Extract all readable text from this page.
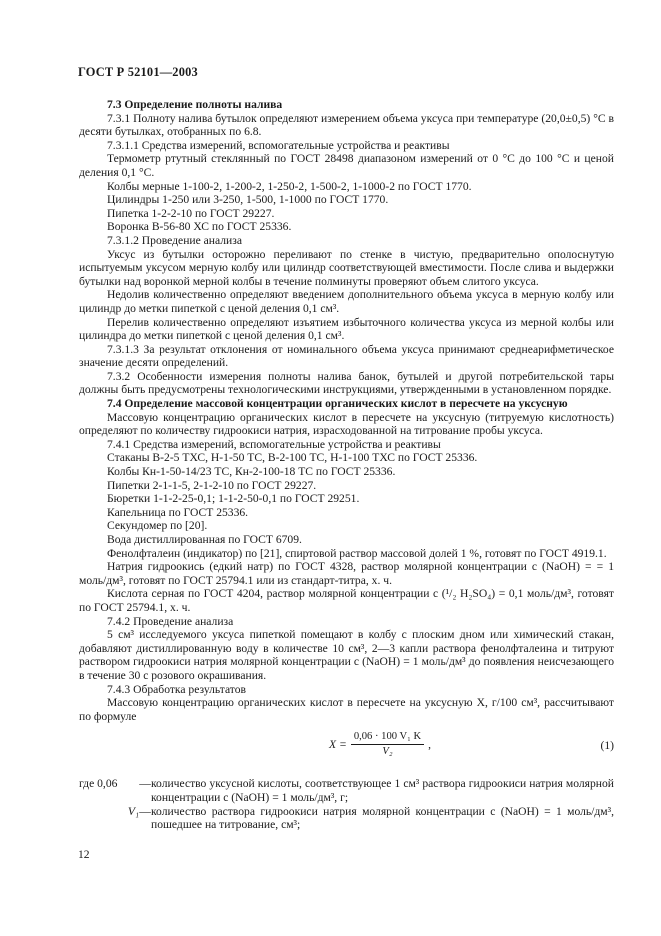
ГОСТ Р 52101—2003

7.3 Определение полноты налива

7.3.1 Полноту налива бутылок определяют измерением объема уксуса при температуре (20,0±0,5) °С в десяти бутылках, отобранных по 6.8.

7.3.1.1 Средства измерений, вспомогательные устройства и реактивы

Термометр ртутный стеклянный по ГОСТ 28498 диапазоном измерений от 0 °С до 100 °С и ценой деления 0,1 °С.

Колбы мерные 1-100-2, 1-200-2, 1-250-2, 1-500-2, 1-1000-2 по ГОСТ 1770.

Цилиндры 1-250 или 3-250, 1-500, 1-1000 по ГОСТ 1770.

Пипетка 1-2-2-10 по ГОСТ 29227.

Воронка В-56-80 ХС по ГОСТ 25336.

7.3.1.2 Проведение анализа

Уксус из бутылки осторожно переливают по стенке в чистую, предварительно ополоснутую испытуемым уксусом мерную колбу или цилиндр соответствующей вместимости. После слива и выдержки бутылки над воронкой мерной колбы в течение полминуты проверяют объем слитого уксуса.

Недолив количественно определяют введением дополнительного объема уксуса в мерную колбу или цилиндр до метки пипеткой с ценой деления 0,1 см³.

Перелив количественно определяют изъятием избыточного количества уксуса из мерной колбы или цилиндра до метки пипеткой с ценой деления 0,1 см³.

7.3.1.3 За результат отклонения от номинального объема уксуса принимают среднеарифметическое значение десяти определений.

7.3.2 Особенности измерения полноты налива банок, бутылей и другой потребительской тары должны быть предусмотрены технологическими инструкциями, утвержденными в установленном порядке.

7.4 Определение массовой концентрации органических кислот в пересчете на уксусную

Массовую концентрацию органических кислот в пересчете на уксусную (титруемую кислотность) определяют по количеству гидроокиси натрия, израсходованной на титрование пробы уксуса.

7.4.1 Средства измерений, вспомогательные устройства и реактивы

Стаканы В-2-5 ТХС, Н-1-50 ТС, В-2-100 ТС, Н-1-100 ТХС по ГОСТ 25336.

Колбы Кн-1-50-14/23 ТС, Кн-2-100-18 ТС по ГОСТ 25336.

Пипетки 2-1-1-5, 2-1-2-10 по ГОСТ 29227.

Бюретки 1-1-2-25-0,1; 1-1-2-50-0,1 по ГОСТ 29251.

Капельница по ГОСТ 25336.

Секундомер по [20].

Вода дистиллированная по ГОСТ 6709.

Фенолфталеин (индикатор) по [21], спиртовой раствор массовой долей 1 %, готовят по ГОСТ 4919.1.

Натрия гидроокись (едкий натр) по ГОСТ 4328, раствор молярной концентрации с (NaOH) = = 1 моль/дм³, готовят по ГОСТ 25794.1 или из стандарт-титра, х. ч.

Кислота серная по ГОСТ 4204, раствор молярной концентрации с (¹/₂ H₂SO₄) = 0,1 моль/дм³, готовят по ГОСТ 25794.1, х. ч.

7.4.2 Проведение анализа

5 см³ исследуемого уксуса пипеткой помещают в колбу с плоским дном или химический стакан, добавляют дистиллированную воду в количестве 10 см³, 2—3 капли раствора фенолфталеина и титруют раствором гидроокиси натрия молярной концентрации с (NaOH) = 1 моль/дм³ до появления неисчезающего в течение 30 с розового окрашивания.

7.4.3 Обработка результатов

Массовую концентрацию органических кислот в пересчете на уксусную Х, г/100 см³, рассчитывают по формуле

$X = \frac{\text{0,06 · 100 V₁ K}}{\text{V₂}}$ ,	(1)
где 0,06	— количество уксусной кислоты, соответствующее 1 см³ раствора гидроокиси натрия молярной концентрации с (NaOH) = 1 моль/дм³, г;
V₁ — количество раствора гидроокиси натрия молярной концентрации с (NaOH) = 1 моль/дм³, пошедшее на титрование, см³;
12
